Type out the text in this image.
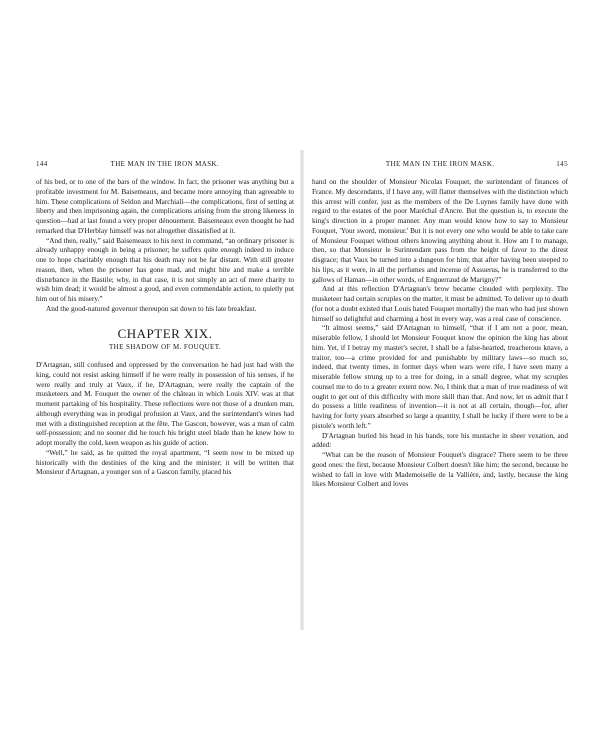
144	THE MAN IN THE IRON MASK.

of his bed, or to one of the bars of the window. In fact, the prisoner was anything but a profitable investment for M. Baisemeaux, and became more annoying than agreeable to him. These complications of Seldon and Marchiali—the complications, first of setting at liberty and then imprisoning again, the complications arising from the strong likeness in question—had at last found a very proper dénouement. Baisemeaux even thought he had remarked that D'Herblay himself was not altogether dissatisfied at it.

“And then, really,” said Baisemeaux to his next in command, “an ordinary prisoner is already unhappy enough in being a prisoner; he suffers quite enough indeed to induce one to hope charitably enough that his death may not be far distant. With still greater reason, then, when the prisoner has gone mad, and might bite and make a terrible disturbance in the Bastile; why, in that case, it is not simply an act of mere charity to wish him dead; it would be almost a good, and even commendable action, to quietly put him out of his misery.”

And the good-natured governor thereupon sat down to his late breakfast.

CHAPTER XIX.
THE SHADOW OF M. FOUQUET.

D'Artagnan, still confused and oppressed by the conversation he had just had with the king, could not resist asking himself if he were really in possession of his senses, if he were really and truly at Vaux, if he, D'Artagnan, were really the captain of the musketeers and M. Fouquet the owner of the château in which Louis XIV. was at that moment partaking of his hospitality. These reflections were not those of a drunken man, although everything was in prodigal profusion at Vaux, and the surintendant's wines had met with a distinguished reception at the fête. The Gascon, however, was a man of calm self-possession; and no sooner did he touch his bright steel blade than he knew how to adopt morally the cold, keen weapon as his guide of action.

“Well,” he said, as he quitted the royal apartment, “I seem now to be mixed up historically with the destinies of the king and the minister; it will be written that Monsieur d'Artagnan, a younger son of a Gascon family, placed his

THE MAN IN THE IRON MASK.	145

hand on the shoulder of Monsieur Nicolas Fouquet, the surintendant of finances of France. My descendants, if I have any, will flatter themselves with the distinction which this arrest will confer, just as the members of the De Luynes family have done with regard to the estates of the poor Maréchal d'Ancre. But the question is, to execute the king's direction in a proper manner. Any man would know how to say to Monsieur Fouquet, 'Your sword, monsieur.' But it is not every one who would be able to take care of Monsieur Fouquet without others knowing anything about it. How am I to manage, then, so that Monsieur le Surintendant pass from the height of favor to the direst disgrace; that Vaux be turned into a dungeon for him; that after having been steeped to his lips, as it were, in all the perfumes and incense of Assuerus, he is transferred to the gallows of Haman—in other words, of Enguerraud de Marigny?”

And at this reflection D'Artagnan's brow became clouded with perplexity. The musketeer had certain scruples on the matter, it must be admitted. To deliver up to death (for not a doubt existed that Louis hated Fouquet mortally) the man who had just shown himself so delightful and charming a host in every way, was a real case of conscience.

“It almost seems,” said D'Artagnan to himself, “that if I am not a poor, mean, miserable fellow, I should let Monsieur Fouquet know the opinion the king has about him. Yet, if I betray my master's secret, I shall be a false-hearted, treacherous knave, a traitor, too—a crime provided for and punishable by military laws—so much so, indeed, that twenty times, in former days when wars were rife, I have seen many a miserable fellow strung up to a tree for doing, in a small degree, what my scruples counsel me to do to a greater extent now. No, I think that a man of true readiness of wit ought to get out of this difficulty with more skill than that. And now, let us admit that I do possess a little readiness of invention—it is not at all certain, though—for, after having for forty years absorbed so large a quantity, I shall be lucky if there were to be a pistole's worth left.”

D'Artagnan buried his head in his hands, tore his mustache in sheer vexation, and added:

“What can be the reason of Monsieur Fouquet's disgrace? There seem to be three good ones: the first, because Monsieur Colbert doesn't like him; the second, because he wished to fall in love with Mademoiselle de la Vallière, and, lastly, because the king likes Monsieur Colbert and loves
